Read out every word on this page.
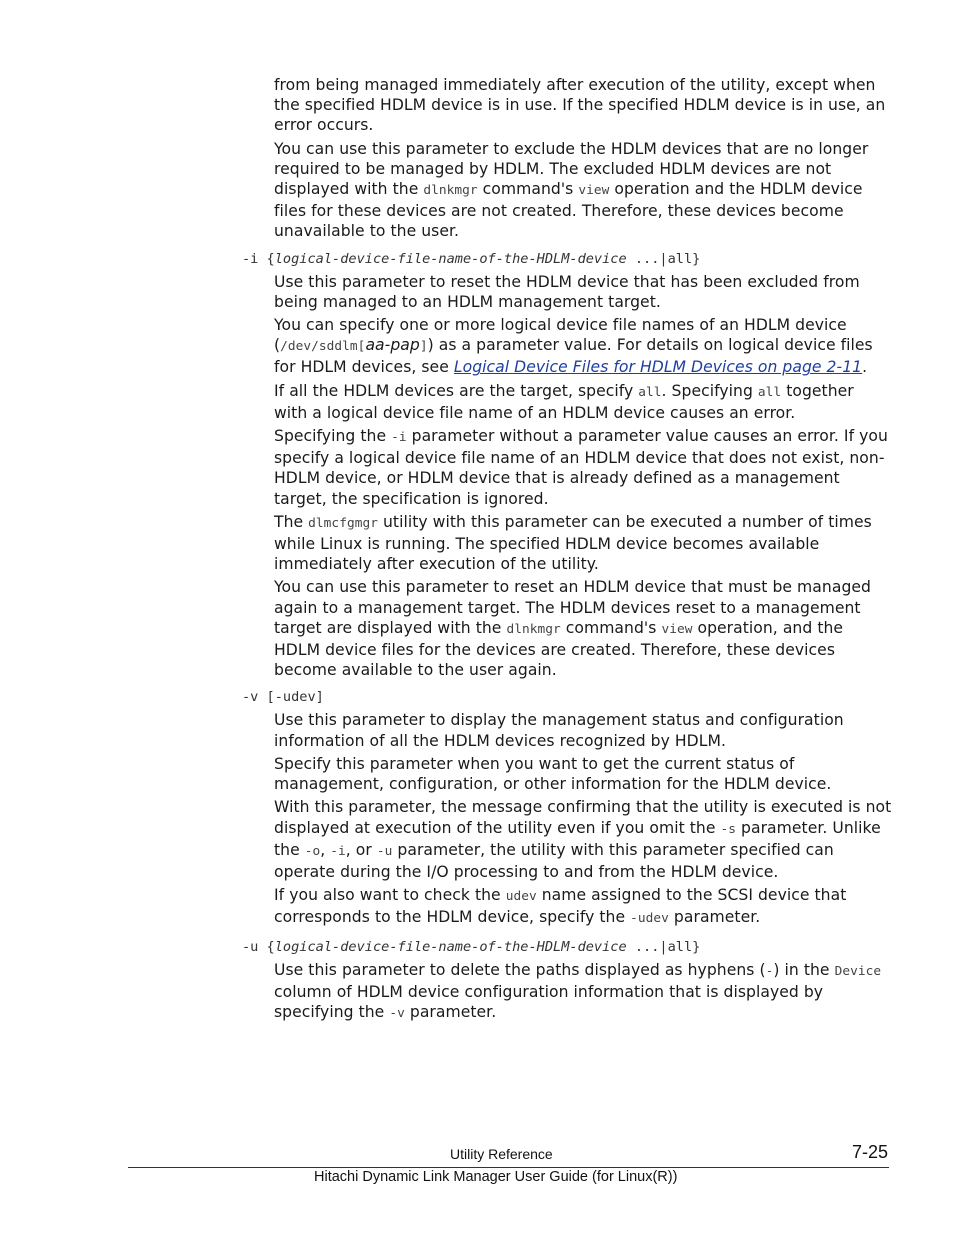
from being managed immediately after execution of the utility, except when the specified HDLM device is in use. If the specified HDLM device is in use, an error occurs.

You can use this parameter to exclude the HDLM devices that are no longer required to be managed by HDLM. The excluded HDLM devices are not displayed with the dlnkmgr command's view operation and the HDLM device files for these devices are not created. Therefore, these devices become unavailable to the user.

-i {logical-device-file-name-of-the-HDLM-device ...|all}

Use this parameter to reset the HDLM device that has been excluded from being managed to an HDLM management target.

You can specify one or more logical device file names of an HDLM device (/dev/sddlm[aa-pap]) as a parameter value. For details on logical device files for HDLM devices, see Logical Device Files for HDLM Devices on page 2-11.

If all the HDLM devices are the target, specify all. Specifying all together with a logical device file name of an HDLM device causes an error.

Specifying the -i parameter without a parameter value causes an error. If you specify a logical device file name of an HDLM device that does not exist, non-HDLM device, or HDLM device that is already defined as a management target, the specification is ignored.

The dlmcfgmgr utility with this parameter can be executed a number of times while Linux is running. The specified HDLM device becomes available immediately after execution of the utility.

You can use this parameter to reset an HDLM device that must be managed again to a management target. The HDLM devices reset to a management target are displayed with the dlnkmgr command's view operation, and the HDLM device files for the devices are created. Therefore, these devices become available to the user again.

-v [-udev]

Use this parameter to display the management status and configuration information of all the HDLM devices recognized by HDLM.

Specify this parameter when you want to get the current status of management, configuration, or other information for the HDLM device.

With this parameter, the message confirming that the utility is executed is not displayed at execution of the utility even if you omit the -s parameter. Unlike the -o, -i, or -u parameter, the utility with this parameter specified can operate during the I/O processing to and from the HDLM device.

If you also want to check the udev name assigned to the SCSI device that corresponds to the HDLM device, specify the -udev parameter.

-u {logical-device-file-name-of-the-HDLM-device ...|all}

Use this parameter to delete the paths displayed as hyphens (-) in the Device column of HDLM device configuration information that is displayed by specifying the -v parameter.

Utility Reference	7-25
Hitachi Dynamic Link Manager User Guide (for Linux(R))
